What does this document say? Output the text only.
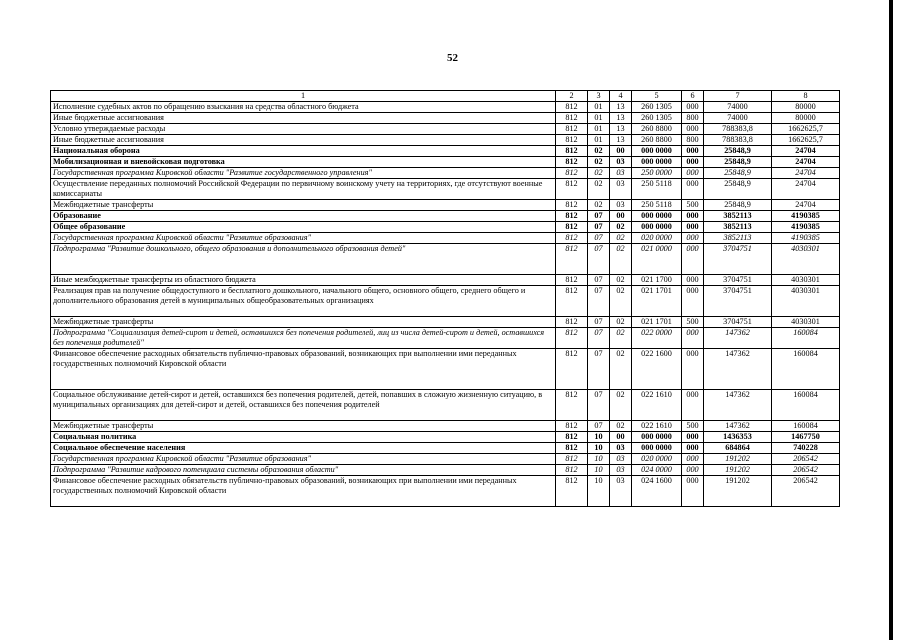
52
1	2	3	4	5	6	7	8
Исполнение судебных актов по обращению взыскания на средства областного бюджета	812	01	13	260 1305	000	74000	80000
Иные бюджетные ассигнования	812	01	13	260 1305	800	74000	80000
Условно утверждаемые расходы	812	01	13	260 8800	000	788383,8	1662625,7
Иные бюджетные ассигнования	812	01	13	260 8800	800	788383,8	1662625,7
Национальная оборона	812	02	00	000 0000	000	25848,9	24704
Мобилизационная и вневойсковая подготовка	812	02	03	000 0000	000	25848,9	24704
Государственная программа Кировской области "Развитие государственного управления"	812	02	03	250 0000	000	25848,9	24704
Осуществление переданных полномочий Российской Федерации по первичному воинскому учету на территориях, где отсутствуют военные комиссариаты	812	02	03	250 5118	000	25848,9	24704
Межбюджетные трансферты	812	02	03	250 5118	500	25848,9	24704
Образование	812	07	00	000 0000	000	3852113	4190385
Общее образование	812	07	02	000 0000	000	3852113	4190385
Государственная программа Кировской области "Развитие образования"	812	07	02	020 0000	000	3852113	4190385
Подпрограмма "Развитие дошкольного, общего образования и дополнительного образования детей"	812	07	02	021 0000	000	3704751	4030301
Иные межбюджетные трансферты из областного бюджета	812	07	02	021 1700	000	3704751	4030301
Реализация прав на получение общедоступного и бесплатного дошкольного, начального общего, основного общего, среднего общего и дополнительного образования детей в муниципальных общеобразовательных организациях	812	07	02	021 1701	000	3704751	4030301
Межбюджетные трансферты	812	07	02	021 1701	500	3704751	4030301
Подпрограмма "Социализация детей-сирот и детей, оставшихся без попечения родителей, лиц из числа детей-сирот и детей, оставшихся без попечения родителей"	812	07	02	022 0000	000	147362	160084
Финансовое обеспечение расходных обязательств публично-правовых образований, возникающих при выполнении ими переданных государственных полномочий Кировской области	812	07	02	022 1600	000	147362	160084
Социальное обслуживание детей-сирот и детей, оставшихся без попечения родителей, детей, попавших в сложную жизненную ситуацию, в муниципальных организациях для детей-сирот и детей, оставшихся без попечения родителей	812	07	02	022 1610	000	147362	160084
Межбюджетные трансферты	812	07	02	022 1610	500	147362	160084
Социальная политика	812	10	00	000 0000	000	1436353	1467750
Социальное обеспечение населения	812	10	03	000 0000	000	684864	740228
Государственная программа Кировской области "Развитие образования"	812	10	03	020 0000	000	191202	206542
Подпрограмма "Развитие кадрового потенциала системы образования области"	812	10	03	024 0000	000	191202	206542
Финансовое обеспечение расходных обязательств публично-правовых образований, возникающих при выполнении ими переданных государственных полномочий Кировской области	812	10	03	024 1600	000	191202	206542
